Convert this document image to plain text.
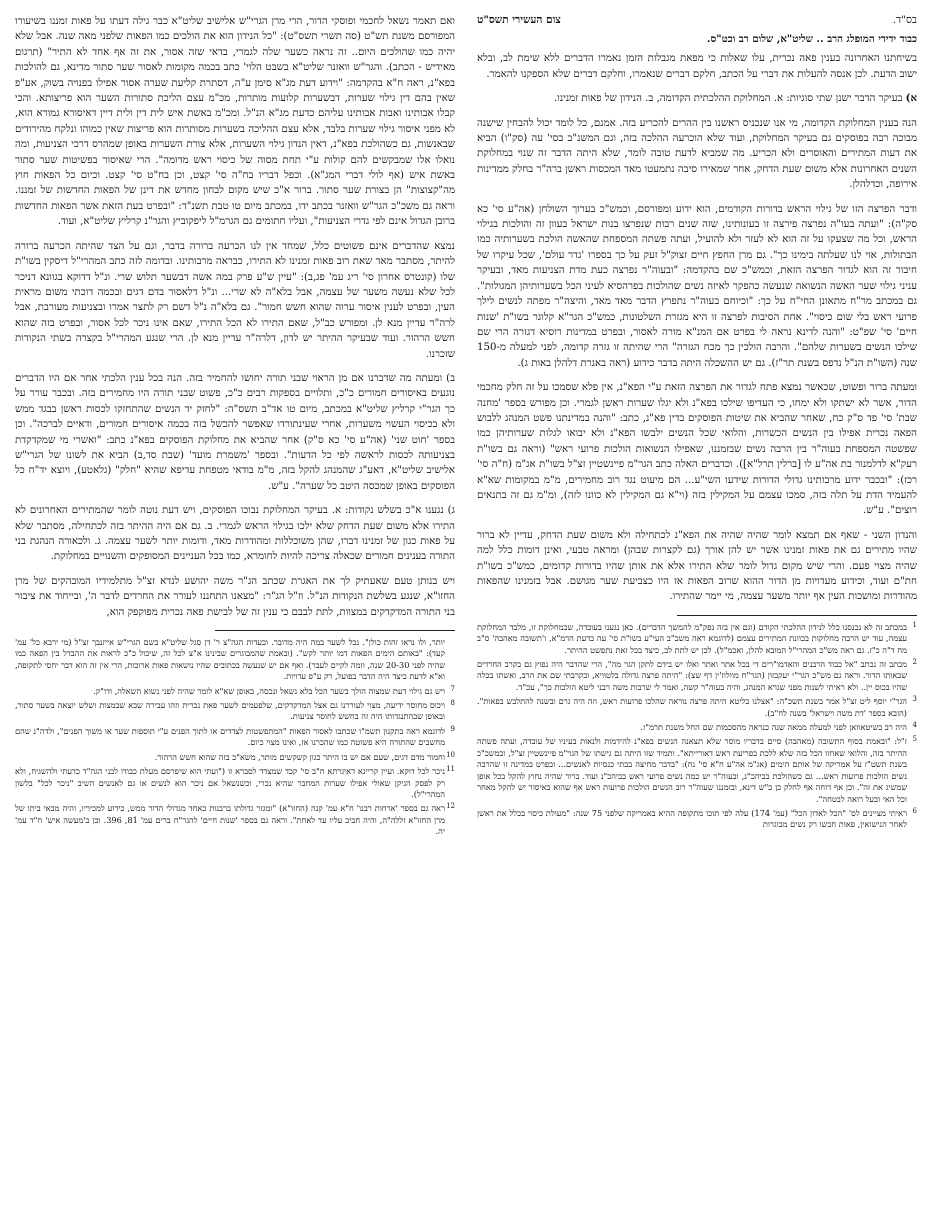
בס"ד.
צום העשירי תשס"ט

כבוד ידידי המופלג הרב .. שליט"א, שלום רב וכט"ס.

בשיחתנו האחרונה בענין פאה נכרית, עלו שאלות כי מפאת מגבלות הזמן נאמרו הדברים ללא שימת לב, ובלא ישוב הדעת. לכן אנסה להעלות את דברי על הכתב, חלקם דברים שנאמרו, וחלקם דברים שלא הספקנו להאמר.

א) בעיקר הדבר ישנן שתי סוגיות: א. המחלוקת ההלכתית הקדומה, ב. הנידון של פאות זמנינו.

הנה בענין המחלוקת הקדומה, מי אנו שנכניס ראשנו בין ההרים להכריע בזה. אמנם, כל לומד יכול להבחין שישנה מבוכה רבה בפוסקים גם בעיקר המחלוקת, ועוד שלא הוכרעה ההלכה בזה, וגם המשנ"ב בסי' עה (סק"ו) הביא את דעות המתירים והאוסרים ולא הכריע. מה שמביא לדעת טובה לומר, שלא היתה הדבר זה שנוי במחלוקת השנים האחרונות אלא משום שעת הדחק, אחר שמאירו סיבה נתמעטו מאד המכסות ראשן ברה"ר בחלק ממדינות אירופה, וכדלהלן.

ודבר הפרצה הזו של גילוי הראש בדורות הקודמים, הוא ידוע ומפורסם, וכמש"כ בערוך השולחן (אה"ע סי' כא סק"ה): "ועתה בעו"ה נפרצה פירצה זו בעונותינו, שזה שנים רבות שנפרצו בנות ישראל בעוון זה והולכות בגילוי הראש, וכל מה שצעקו על זה הוא לא לעזר ולא להועיל, ועתה פשתה המספחת שהאשה הולכת בשערותיה כמו הבתולות, אוי לנו שעלתה בימינו כך". גם מרן החפץ חיים זצוק"ל זעק על כך בספרו 'גדר עולם', שכל עיקרו של חיבור זה הוא לגדור הפרצה הזאת, וכמש"כ שם בהקדמה: "ובעוה"ר נפרצה כעת מדת הצניעות מאד, ובעיקר עניני גילוי שער האשה הנשואה שנעשה כהפקר לאיזה נשים שהולכות בפרהסיא לעיני הכל בשערותיהן המגולות". גם במכתב מר"ח מתאונן החי"ח על כך: "וכיוחם בעוה"ר נתפרץ הדבר מאד מאד, והיצה"ר מפתה לנשים לילך פרועי ראש בלי שום כיסוי". אחת הסיבות לפרצה זו היא מגזרת השלטונות, כמש"כ הגר"א קלוגר בשו"ת 'שנות חיים' סי' שפ"ט: "והנה לדינא נראה לי בפרט אם המנ"א מורה לאסור, ובפרט במדינות רוסיא דגזרה הרי שם שילכו הנשים בשערות שלהם". והרבה הולכין כך מכח הגזרה" הרי שהיתה זו גזרה קדומה, לפני למעלה מ-150 שנה (השו"ת הנ"ל נדפס בשנת תר"ז). גם יש ההשכלה היתה בדבר כידוע (ראה באגרת דלהלן באות ג).

ומעתה ברור ופשוט, שכאשר נמצא פתח לגדור את הפרצה הזאת ע"י הפא"נ, אין פלא שסמכו על זה חלק מחכמי הדור, אשר לא ישתקו ולא ימחו, כי העדיפו שילכו בפא"נ ולא יגלו שערות ראשן לגמרי. וכן מפורש בספר 'מחנה שבת' סי' פד ס"ק כח, שאחר שהביא את שיטות הפוסקים בדין פא"נ, כתב: "והנה במדינתנו פשט המנהג ללבוש הפאה נכרית אפילו בין הנשים הכשרות, והלואי שכל הנשים ילבשו הפא"נ ולא יבואו לגלות שערותיהן כמו שפשטה המספחת בעוה"ר בין הרבה נשים שבזמננו, שאפילו הנשואות הולכות פרועי ראש" (וראה גם בשו"ת רעק"א לדלמנור בת אה"ע לו [ברלין תרל"א]). וכדברים האלה כתב הגר"מ פיינשטיין זצ"ל בשו"ת אג"מ (ח"ה סי' רכז): "ובכבר ידוע מרבותינו גדולי הדורות שידעו השי"ע... הם מיעוט נגד רוב מחמירים, מ"מ במקומות שא"א להעמיד הדת על תלה בזה, סמכו עצמם על המקילין בזה (וי"א גם המקילין לא כוונו לזה), ומ"מ גם זה בתנאים רוצים". ע"ש.

והנדון השני - שאף אם תמצא לומר שהיה שהיה את הפא"נ לכתחילה ולא משום שעת הדחק, עדיין לא ברור שהיו מתירים גם את פאות זמנינו אשר יש להן אורך (גם לקצרות שבהן) ומראה טבעי, ואינן דומות כלל למה שהיה מצוי פעם. והרי שיש מקום גדול לומר שלא התירו אלא את אותן שהיו בדורות קדומים, כמש"כ בשו"ת חת"ם ועוד, וכידוע מעדויות מן הדור ההוא שרוב הפאות אז היו כצביעת שער מגושם. אבל בזמנינו שהפאות מהודרות ומושכות העין אף יותר משער עצמה, מי יימר שהתירו.

1
במכתב זה לא נכנסנו כלל לנידון ההלכתי הקודם (וגם אין בזה נפק"מ להמשך הדברים). כאן נגענו בעובדה, שבמחלוקת זו, מלבד המחלוקת עצמה, עוד יש הרבה מחלוקות בכוונת המתירים עצמם (לדוגמא ראה משכ"ב העי"ע בשו"ת סי' עה בדעת הרמ"א, ו'תשובה מאהבה' ס"ב מח ד"ה כ"ז. גם ראה מש"כ המהרי"ל המובא להלן, ואכמ"ל). לכן יש לתת לב, כיצד בכל זאת נתפשט ההיתר.

2
מכתב זה נכתב "אל כבוד הרבנים והאדמו"רים די בכל אתר ואתר ואלו יש בידם לתקן הגר מה", הרי שהדבר היה נפוץ גם בקרב החרדים שבאותו הדור. וראה גם מש"כ הגר"י יעקבזון (הגר"ח מוולוז'ין דף שצ): "היתה פרצה גדולה בלטוויא, ובקרבתי שם את הרב, ואשתו בכלה שהיו בכוס יין.. ולא ראיתי לשנות מפני שגרא המנהג, והיה בעוה"ר קשה, ואמר לי שרבות משה רבני ליטא הולכות כך", עכ"ד.

3
הגר"י יוסף ליט זצ"ל אמר בשנת תשכ"ה: "אצלנו בליטא היתה פרצה נוראה שהלכו פרועות ראש, וזה היה גרם ובשנה להתלבש בפאות". (הובא בספר 'דת משה וישראל' בשנה לח"ב).

4
היה רב בשיטאוואן לפני למעלה ממאה שנה כנראה מהסכמות שם החל משנת תרמ"ז.

5
ז"ל: "ובאמת בסוף התשובה (מאהבה) סיים בדבריו מוסר שלא תצאנה הנשים בפא"נ להידמות ולנאות בעיניו של עובדה, ועתה פשתה ההיתר בזה, והלואי שאחזו הכל בזה שלא ללכת בפריעת ראש דאורייתא". ותמיד שזו היתה גם גישתו של הגר"מ פיינשטיין זצ"ל, וכמשכ"כ בשנת תשט"ז על אמריקה של אותם הימים (אג"מ אה"ע ח"א סי' נח): "בדבר מחיצה בבתי כנסיות לאנשים... ובפרט במדינה זו שהרבה נשים הולכות פרועות ראש... גם כשהולכת בביהכ"נ, ובעוה"ר יש כמה נשים פרועי ראש בביהכ"נ ועוד. ברור שהיה נחוץ להקל בכל אופן שמשיג את זה". וכן אף דוחה אף לחלק כן כ"ש דינא, ובזמננו שעוה"ר רוב הנשים הולכות פרועות ראש אף שהוא באיסור יש להקל מאחר וכל האי ובעל רואה לבטחה".

6
ראיתי מציינים לס' "הכל לאדון הכל" (עמ' 174) עלה לפי תוכו מתקופה ההיא באמריקה שלפני 75 שנה: "מעולת כיסוי בכלל את ראשן לאחר הנישואין, פאות חבשו רק נשים מבוגרות

ואם תאמר נשאל לחכמי ופוסקי הדור, הרי מרן הגרי"ש אלישיב שליט"א כבר גילה דעתו על פאות זמננו בשיעורו המפורסם משנת תש"ט (סה תשרי תשס"ט): "כל הנידון הוא את הולכים כמו הפאות שלפני מאה שנה. אבל שלא יהיה כמו שהולכים היום.. זה נראה כשער שלה לגמרי, בדאי שזה אסור, את זה אף אחד לא התיר" (תרגום מאידיש - הכתב). והגר"ש וואזנר שליט"א בשבט הלוי' כתב בכמה מקומות לאסור שער סתור מדינא, גם להולכות בפא"נ, ראה ח"א בהקדמה: "וידוע דעת מג"א סימן ע"ה, דסתרת קליעת שערה אסור אפילו בפנויה בשוק, אע"פ שאין בהם דין גילוי שערות, דבשערות קלועות מותרות, מכ"מ עצם הליכת סתורות השער הוא פריצותא. והכי קבלו אבותינו ואבות אבותינו עליהם כדעת מג"א הנ"ל. ומכ"מ באשת איש לית דין ולית דיין דאיסורא גמורא הוא, לא מפני איסור גילוי שערות בלבד, אלא עצם ההליכה בשערות מסותרות הוא פריצות שאין כמוהו ונלקח מהירודים שבאנשות, גם כשהולכת בפא"נ, דאין הנדון גילוי השערות, אלא צורת השערות באופן שמהרס דרכי הצניעות, ומה נואלו אלו שמבקשים להם קולות ע"י תחת מסוה של כיסוי ראש מדומה". הרי שאיסור בפשיטות שער סתור באשת איש (אף לולי דברי המג"א). וכפל דבריו בח"ה סי' קצט, וכן בח"ט סי' קצט. וכיום כל הפאות חוץ מה"קצוצות" הן בצורת שער סתור. ברור א"כ שיש מקום לבחון מחדש את דינן של הפאות החדשות של זמננו. וראה גם משכ"כ הגר"ש וואזנר בכתב ידו, במכתב מיום טו טבת תשנ"ד: "ובפרט בעת הזאת אשר הפאות החדשות ברובן הגדול אינם לפי גדרי הצניעות", ועליו חתומים גם הגרמ"ל ליפקוביץ והגר"נ קרליץ שליט"א, ועוד.

נמצא שהדברים אינם פשוטים כלל, שמחד אין לנו הכרעה ברורה בדבר, וגם על הצד שהיתה הכרעה ברורה להיתר, מסתבר מאד שאת רוב פאות זמנינו לא התירו, כבראה מרבותינו. ובדומה לזה כתב המהרי"ל דיסקין בשו"ת שלו (קונטרס אחרון סי' ריג עמ' פג,ב): "עיין ש"ע פרק במה אשה דבשער תלוש שרי. ונ"ל דדוקא בגוונא דניכר לכל שלא נעשה משער של עצמה, אבל בלא"ה לא שרי... ונ"ל דלאסור בדם דגים ובכמה דוכתי משום מראית העין, ובפרט לענין איסור ערוה שהוא חשש חמור". גם בלא"ה נ"ל דשם רק לתצר אמרו ובצניעות מעורבת, אבל לרה"ר עדיין מנא לן. ומפורש כב"ל, שאם התירו לא הכל התירו, שאם אינו ניכר לכל אסור, ובפרט בזה שהוא חשש הרהור. ועוד שבעיקר ההיתר יש לדון, דלרה"ר עדיין מנא לן. הרי שנגע המהרי"ל בקצרה בשתי הנקודות שזכרנו.

ב) ומעתה מה שדברנו אם מן הראוי שבני תורה יחושו להחמיר בזה. הנה בכל ענין הלכתי אחר אם היו הדברים נוגעים באיסורים חמורים כ"כ, ותלויים בספקות רבים כ"כ, פשוט שבני תורה היו מחמירים בזה. ובכבר עורר על כך הגר"י קרליץ שליט"א במכתב, מיום טו אד"ב תשס"ה: "לחזק יד הנשים שהתחזקו לכסות ראשן בבגד ממש ולא בכיסוי העשוי משערות, אחרי שעינתורדו שאפשר להכשל בזה בכמה איסורים חמורים, ודאיים לברכה". וכן בספר 'חוט שני' (אה"ע סי' כא ס"ק) אחר שהביא את מחלוקת הפוסקים בפא"נ כתב: "ואשרי מי שמקדקדת בצניעותה לכסות לראשה לפי כל הדעות". ובספר 'משמרת מועד' (שבת סד,ב) הביא את לשונו של הגרי"ש אלישיב שליט"א, דאע"ג שהמנהג להקל בזה, מ"מ בודאי מטפחת עדיפא שהיא "חלק" (גלאטע), ויוצא יד"ח כל הפוסקים באופן שמכסה היטב כל שערה". ע"ש.

ג) נגענו א"כ בשלש נקודות: א. בעיקר המחלוקת נבוכו הפוסקים, ויש דעת נוטה לומר שהמתירים האחרונים לא התירו אלא משום שעת הדחק שלא ילכו בגילוי הראש לגמרי. ב. גם אם היה ההיתר בזה לכתחילה, מסתבר שלא על פאות כגון של זמנינו דברו, שהן משוכללות ומהודרות מאד, ודומות יותר לשער עצמה. ג. ולכאורה הנהגת בני התורה בענינים חמורים שכאלה צריכה להיות לחומרא, כמו בכל העניינים המסופקים והשנויים במחלוקת.

ויש בנותן טעם שאעתיק לך את האגרת שכתב הג"ר משה יהושע לנדא זצ"ל מתלמידיו המובהקים של מרן החזו"א, שנגע בשלשת הנקודות הנ"ל. וז"ל הג"ר: "מצאנו התחננו לעורר את החרדים לדבר ה', ובייחוד את ציבור בני התורה המדקדקים במצוות, לתת לבבם כי ענין זה של לבישת פאה נכרית מפוקפק הוא,

יותר, ולו נראו זהות כולן". נכל לשער במה היה מדובר. וכעדות הגה"צ ר' דן סגל שליט"א בשם הגרי"ש אייזנבך זצ"ל (מי ירבא כל' עמ' קעד): "באותם הימים הפאות דמו יותר לקש". (ובאמת שהמבוגרים שבינינו א"צ לכל זה, שיכול כ"כ לראות את ההבדל בין הפאה כמו שהיה לפני 20-30 שנה, וזמה לקיים לעבר). ואף אם יש שנעשה בכתובים שהיו נושאות פאות ארוכות, הרי אין זה הוא דבר יחסי לתקופה, וא"א לדעת כיצד היה הדבר בפועל, רק ע"פ עדויות.

7
ויש גם גילוי דעת שמצוה הולך בשער הכל בלא נשאל ונכסה, באופן שא"א לומר שהיה לפני נשוא השאלה, ודו"ק.

8
ויכוס מחוסר ידיעה, מצוי לעוררנו גם אצל המדקדקים, שלפעמים לשער פאת נכרית וזהו עבירה שבא שבמצות ושלש יוצאה בשער סתור, ובאופן שבהתנגדותו היה זה בחשש לחוסר צניעות.

9
לדוגמא ראה בתקנון תשמ"ו שכתבו לאסור הפאות "המתפשטות לצדדים או לתוך הפנים ע"י תוספות שער או משוך הפנים", ולדה"נ שהם מחשבים שהתורה היא פשוטה כמו שהכרנו אז, ואינו מצוי כיום.

10
וחמור מדם דגים, שעם אם יש בו היתר כגון קשקשים מותר, משא"כ בזה שהוא חשש הרהור.

11
ניכר לכל דוקא. ועיין קריינא דאיגרתא ח"ב סי' קכד שמצדד לסברא זו ("ועתי הוא שיפרסם מעלת כבודו לבני הגה"ד כדעתי ולהשגיח, ולא רק לפסק הגיקן שאולי אפילו שערות המחבר שהיא נכרי, וכשנשאל אם ניכר הוא לנשים או גם לאנשים השיב "ניכר לכל" בלשון המהרי"ל).

12
ראה גם בספר 'ארחות רבנו' ח"א עמ' קנה (החזו"א) "ומגזר גדולתו ברבנות כאחד מגדולי הדור ממש, כידוע למכיריו, והיה מבאי ביתו של מרן החזו"א זללה"ה, והיה חביב עליו עד לאחת". וראה גם בספר 'שנות חיים' להגר"ח ברים עמ' 81, 396. וכן ב'מעשה איש' ח"ד עמ' יה.
